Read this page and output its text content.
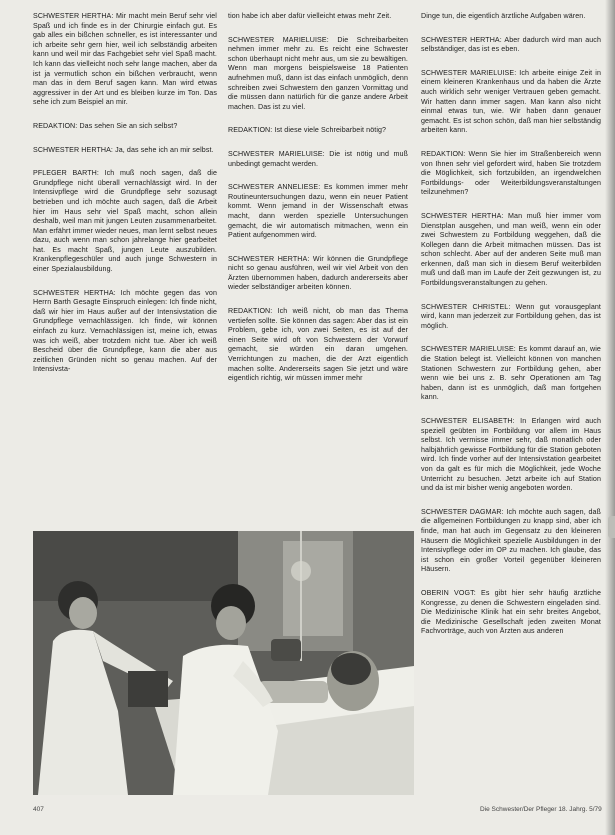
SCHWESTER HERTHA: Mir macht mein Beruf sehr viel Spaß und ich finde es in der Chirurgie einfach gut. Es gab alles ein bißchen schneller, es ist interessanter und ich arbeite sehr gern hier, weil ich selbständig arbeiten kann und weil mir das Fachgebiet sehr viel Spaß macht. Ich kann das vielleicht noch sehr lange machen, aber da ist ja vermutlich schon ein bißchen verbraucht, wenn man das in dem Beruf sagen kann. Man wird etwas aggressiver in der Art und es bleiben kurze im Ton. Das sehe ich zum Beispiel an mir.

REDAKTION: Das sehen Sie an sich selbst?

SCHWESTER HERTHA: Ja, das sehe ich an mir selbst.

PFLEGER BARTH: Ich muß noch sagen, daß die Grundpflege nicht überall vernachlässigt wird. In der Intensivpflege wird die Grundpflege sehr sozusagt betrieben und ich möchte auch sagen, daß die Arbeit hier im Haus sehr viel Spaß macht, schon allein deshalb, weil man mit jungen Leuten zusammenarbeitet. Man erfährt immer wieder neues, man lernt selbst neues dazu, auch wenn man schon jahrelange hier gearbeitet hat. Es macht Spaß, jungen Leute auszubilden. Krankenpflegeschüler und auch junge Schwestern in einer Spezialausbildung.

SCHWESTER HERTHA: Ich möchte gegen das von Herrn Barth Gesagte Einspruch einlegen: Ich finde nicht, daß wir hier im Haus außer auf der Intensivstation die Grundpflege vernachlässigen. Ich finde, wir können einfach zu kurz. Vernachlässigen ist, meine ich, etwas was ich weiß, aber trotzdem nicht tue. Aber ich weiß Bescheid über die Grundpflege, kann die aber aus zeitlichen Gründen nicht so genau machen. Auf der Intensivsta-

tion habe ich aber dafür vielleicht etwas mehr Zeit.

SCHWESTER MARIELUISE: Die Schreibarbeiten nehmen immer mehr zu. Es reicht eine Schwester schon überhaupt nicht mehr aus, um sie zu bewältigen. Wenn man morgens beispielsweise 18 Patienten aufnehmen muß, dann ist das einfach unmöglich, denn schreiben zwei Schwestern den ganzen Vormittag und die müssen dann natürlich für die ganze andere Arbeit machen. Das ist zu viel.

REDAKTION: Ist diese viele Schreibarbeit nötig?

SCHWESTER MARIELUISE: Die ist nötig und muß unbedingt gemacht werden.

SCHWESTER ANNELIESE: Es kommen immer mehr Routineuntersuchungen dazu, wenn ein neuer Patient kommt. Wenn jemand in der Wissenschaft etwas macht, dann werden spezielle Untersuchungen gemacht, die wir automatisch mitmachen, wenn ein Patient aufgenommen wird.

SCHWESTER HERTHA: Wir können die Grundpflege nicht so genau ausführen, weil wir viel Arbeit von den Ärzten übernommen haben, dadurch andererseits aber wieder selbständiger arbeiten können.

REDAKTION: Ich weiß nicht, ob man das Thema vertiefen sollte. Sie können das sagen: Aber das ist ein Problem, gebe ich, von zwei Seiten, es ist auf der einen Seite wird oft von Schwestern der Vorwurf gemacht, sie würden ein daran umgehen. Verrichtungen zu machen, die der Arzt eigentlich machen sollte. Andererseits sagen Sie jetzt und wäre eigentlich richtig, wir müssen immer mehr

Dinge tun, die eigentlich ärztliche Aufgaben wären.

SCHWESTER HERTHA: Aber dadurch wird man auch selbständiger, das ist es eben.

SCHWESTER MARIELUISE: Ich arbeite einige Zeit in einem kleineren Krankenhaus und da haben die Ärzte auch wirklich sehr weniger Vertrauen geben gemacht. Wir hatten dann immer sagen. Man kann also nicht einmal etwas tun, wie. Wir haben dann genauer gemacht. Es ist schon schön, daß man hier selbständig arbeiten kann.

REDAKTION: Wenn Sie hier im Straßenbereich wenn von Ihnen sehr viel gefordert wird, haben Sie trotzdem die Möglichkeit, sich fortzubilden, an irgendwelchen Fortbildungs- oder Weiterbildungsveranstaltungen teilzunehmen?

SCHWESTER HERTHA: Man muß hier immer vom Dienstplan ausgehen, und man weiß, wenn ein oder zwei Schwestern zu Fortbildung weggehen, daß die Kollegen dann die Arbeit mitmachen müssen. Das ist schon schlecht. Aber auf der anderen Seite muß man erkennen, daß man sich in diesem Beruf weiterbilden muß und daß man im Laufe der Zeit gezwungen ist, zu Fortbildungsveranstaltungen zu gehen.

SCHWESTER CHRISTEL: Wenn gut vorausgeplant wird, kann man jederzeit zur Fortbildung gehen, das ist möglich.

SCHWESTER MARIELUISE: Es kommt darauf an, wie die Station belegt ist. Vielleicht können von manchen Stationen Schwestern zur Fortbildung gehen, aber wenn wie bei uns z. B. sehr Operationen am Tag haben, dann ist es unmöglich, daß man fortgehen kann.

SCHWESTER ELISABETH: In Erlangen wird auch speziell geübten im Fortbildung vor allem im Haus selbst. Ich vermisse immer sehr, daß monatlich oder halbjährlich gewisse Fortbildung für die Station geboten wird. Ich finde vorher auf der Intensivstation gearbeitet von da galt es für mich die Möglichkeit, jede Woche Unterricht zu besuchen. Jetzt arbeite ich auf Station und da ist mir bisher wenig angeboten worden.

SCHWESTER DAGMAR: Ich möchte auch sagen, daß die allgemeinen Fortbildungen zu knapp sind, aber ich finde, man hat auch im Gegensatz zu den kleineren Häusern die Möglichkeit spezielle Ausbildungen in der Intensivpflege oder im OP zu machen. Ich glaube, das ist schon ein großer Vorteil gegenüber kleineren Häusern.

OBERIN VOGT: Es gibt hier sehr häufig ärztliche Kongresse, zu denen die Schwestern eingeladen sind. Die Medizinische Klinik hat ein sehr breites Angebot, die Medizinische Gesellschaft jeden zweiten Monat Fachvorträge, auch von Ärzten aus anderen

407	Die Schwester/Der Pfleger 18. Jahrg. 5/79
